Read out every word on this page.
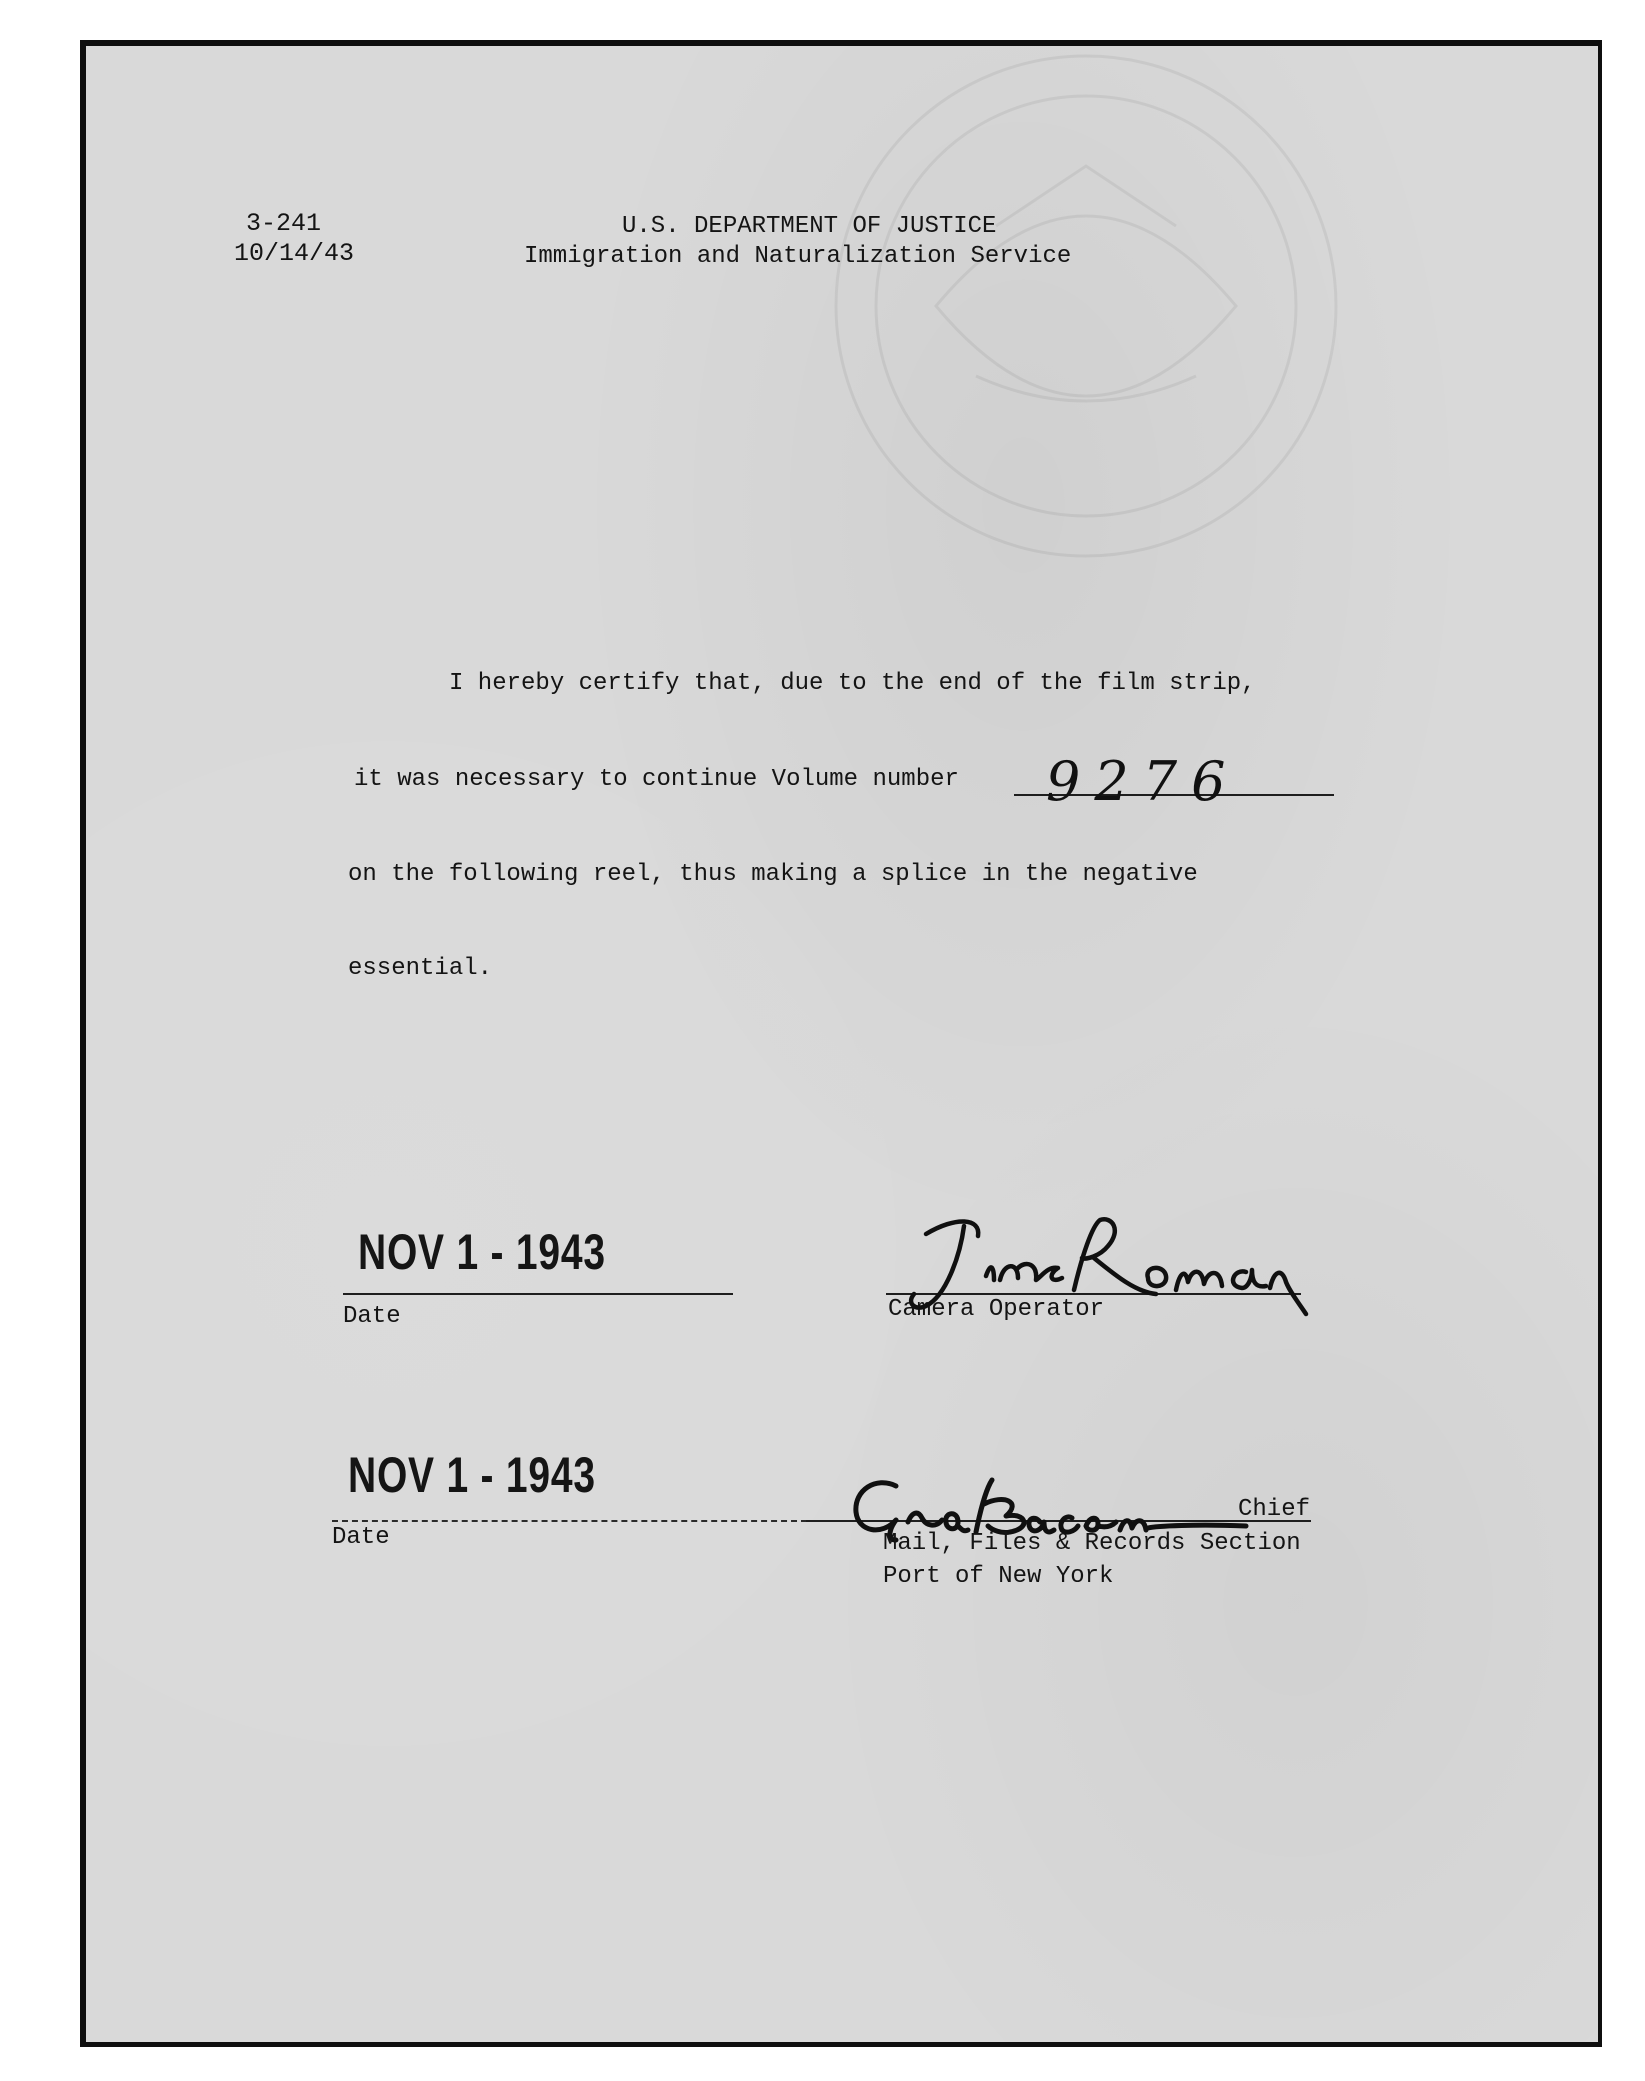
3-241
10/14/43
U.S. DEPARTMENT OF JUSTICE
Immigration and Naturalization Service
I hereby certify that, due to the end of the film strip,
it was necessary to continue Volume number 9276
on the following reel, thus making a splice in the negative
essential.
NOV 1 - 1943
Date	Camera Operator
NOV 1 - 1943
Date
Chief
Mail, Files & Records Section
Port of New York
